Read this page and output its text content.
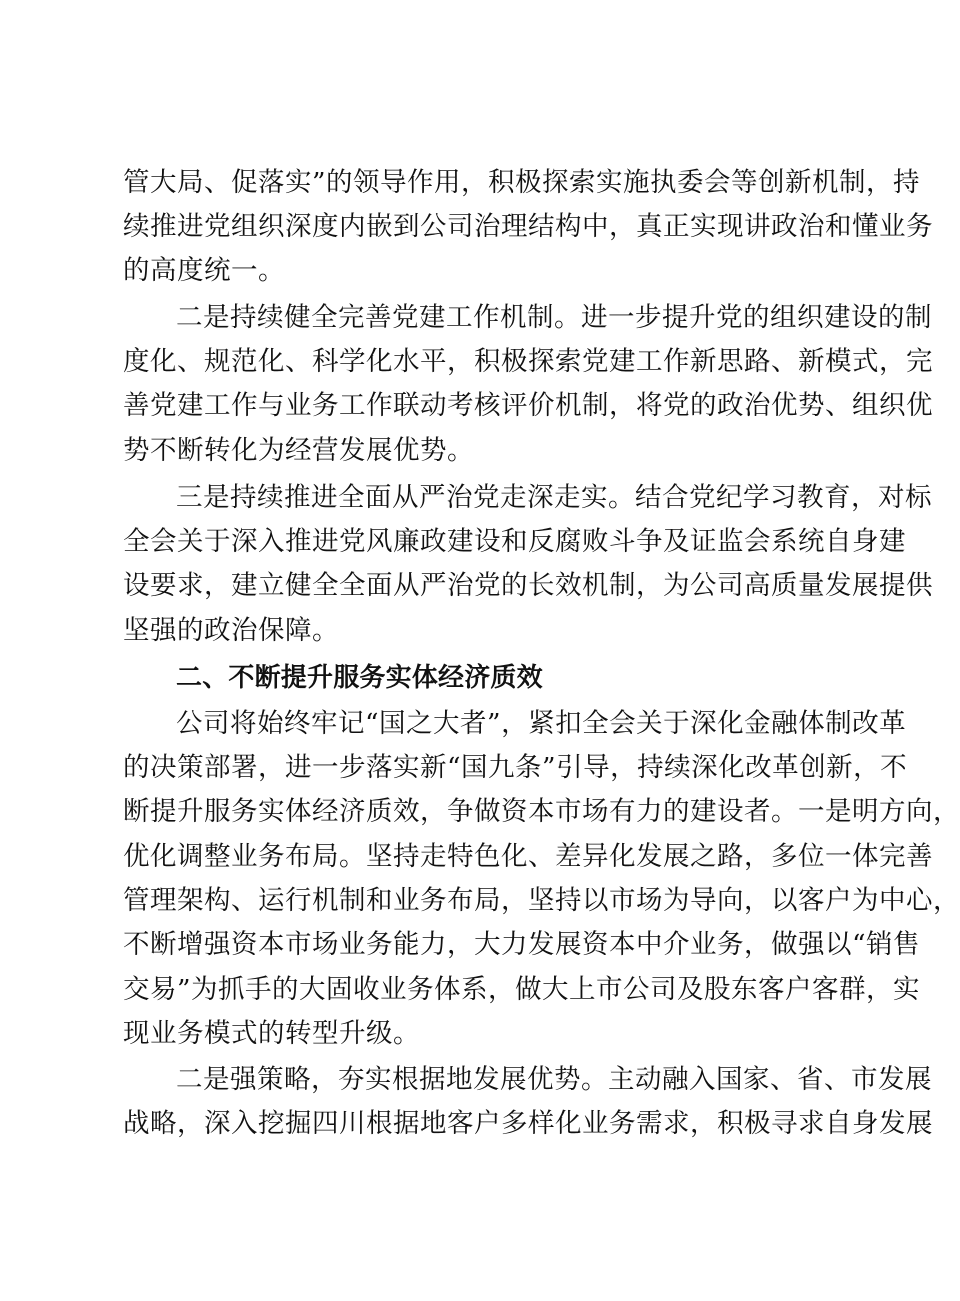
管大局、促落实”的领导作用，积极探索实施执委会等创新机制，持
续推进党组织深度内嵌到公司治理结构中，真正实现讲政治和懂业务
的高度统一。
二是持续健全完善党建工作机制。进一步提升党的组织建设的制
度化、规范化、科学化水平，积极探索党建工作新思路、新模式，完
善党建工作与业务工作联动考核评价机制，将党的政治优势、组织优
势不断转化为经营发展优势。
三是持续推进全面从严治党走深走实。结合党纪学习教育，对标
全会关于深入推进党风廉政建设和反腐败斗争及证监会系统自身建
设要求，建立健全全面从严治党的长效机制，为公司高质量发展提供
坚强的政治保障。
二、不断提升服务实体经济质效
公司将始终牢记“国之大者”，紧扣全会关于深化金融体制改革
的决策部署，进一步落实新“国九条”引导，持续深化改革创新，不
断提升服务实体经济质效，争做资本市场有力的建设者。一是明方向，
优化调整业务布局。坚持走特色化、差异化发展之路，多位一体完善
管理架构、运行机制和业务布局，坚持以市场为导向，以客户为中心，
不断增强资本市场业务能力，大力发展资本中介业务，做强以“销售
交易”为抓手的大固收业务体系，做大上市公司及股东客户客群，实
现业务模式的转型升级。
二是强策略，夯实根据地发展优势。主动融入国家、省、市发展
战略，深入挖掘四川根据地客户多样化业务需求，积极寻求自身发展
